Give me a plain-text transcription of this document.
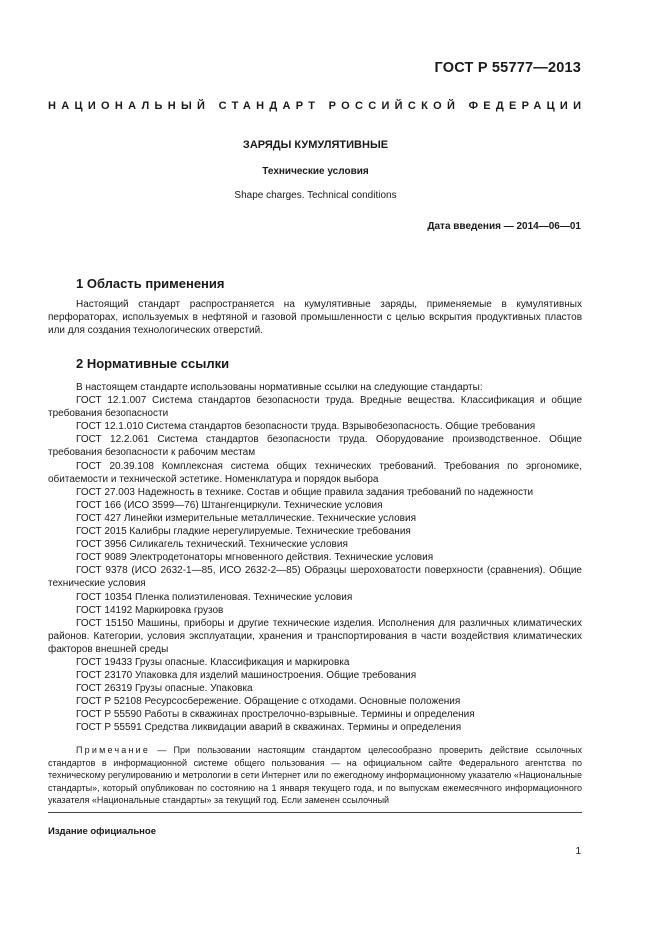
ГОСТ Р 55777—2013
НАЦИОНАЛЬНЫЙ СТАНДАРТ РОССИЙСКОЙ ФЕДЕРАЦИИ
ЗАРЯДЫ КУМУЛЯТИВНЫЕ
Технические условия
Shape charges. Technical conditions
Дата введения — 2014—06—01
1 Область применения

Настоящий стандарт распространяется на кумулятивные заряды, применяемые в кумулятивных перфораторах, используемых в нефтяной и газовой промышленности с целью вскрытия продуктивных пластов или для создания технологических отверстий.

2 Нормативные ссылки

В настоящем стандарте использованы нормативные ссылки на следующие стандарты:

ГОСТ 12.1.007 Система стандартов безопасности труда. Вредные вещества. Классификация и общие требования безопасности

ГОСТ 12.1.010 Система стандартов безопасности труда. Взрывобезопасность. Общие требования

ГОСТ 12.2.061 Система стандартов безопасности труда. Оборудование производственное. Общие требования безопасности к рабочим местам

ГОСТ 20.39.108 Комплексная система общих технических требований. Требования по эргономике, обитаемости и технической эстетике. Номенклатура и порядок выбора

ГОСТ 27.003 Надежность в технике. Состав и общие правила задания требований по надежности

ГОСТ 166 (ИСО 3599—76) Штангенциркули. Технические условия

ГОСТ 427 Линейки измерительные металлические. Технические условия

ГОСТ 2015 Калибры гладкие нерегулируемые. Технические требования

ГОСТ 3956 Силикагель технический. Технические условия

ГОСТ 9089 Электродетонаторы мгновенного действия. Технические условия

ГОСТ 9378 (ИСО 2632-1—85, ИСО 2632-2—85) Образцы шероховатости поверхности (сравнения). Общие технические условия

ГОСТ 10354 Пленка полиэтиленовая. Технические условия

ГОСТ 14192 Маркировка грузов

ГОСТ 15150 Машины, приборы и другие технические изделия. Исполнения для различных климатических районов. Категории, условия эксплуатации, хранения и транспортирования в части воздействия климатических факторов внешней среды

ГОСТ 19433 Грузы опасные. Классификация и маркировка

ГОСТ 23170 Упаковка для изделий машиностроения. Общие требования

ГОСТ 26319 Грузы опасные. Упаковка

ГОСТ Р 52108 Ресурсосбережение. Обращение с отходами. Основные положения

ГОСТ Р 55590 Работы в скважинах прострелочно-взрывные. Термины и определения

ГОСТ Р 55591 Средства ликвидации аварий в скважинах. Термины и определения

Примечание — При пользовании настоящим стандартом целесообразно проверить действие ссылочных стандартов в информационной системе общего пользования — на официальном сайте Федерального агентства по техническому регулированию и метрологии в сети Интернет или по ежегодному информационному указателю «Национальные стандарты», который опубликован по состоянию на 1 января текущего года, и по выпускам ежемесячного информационного указателя «Национальные стандарты» за текущий год. Если заменен ссылочный

Издание официальное
1
